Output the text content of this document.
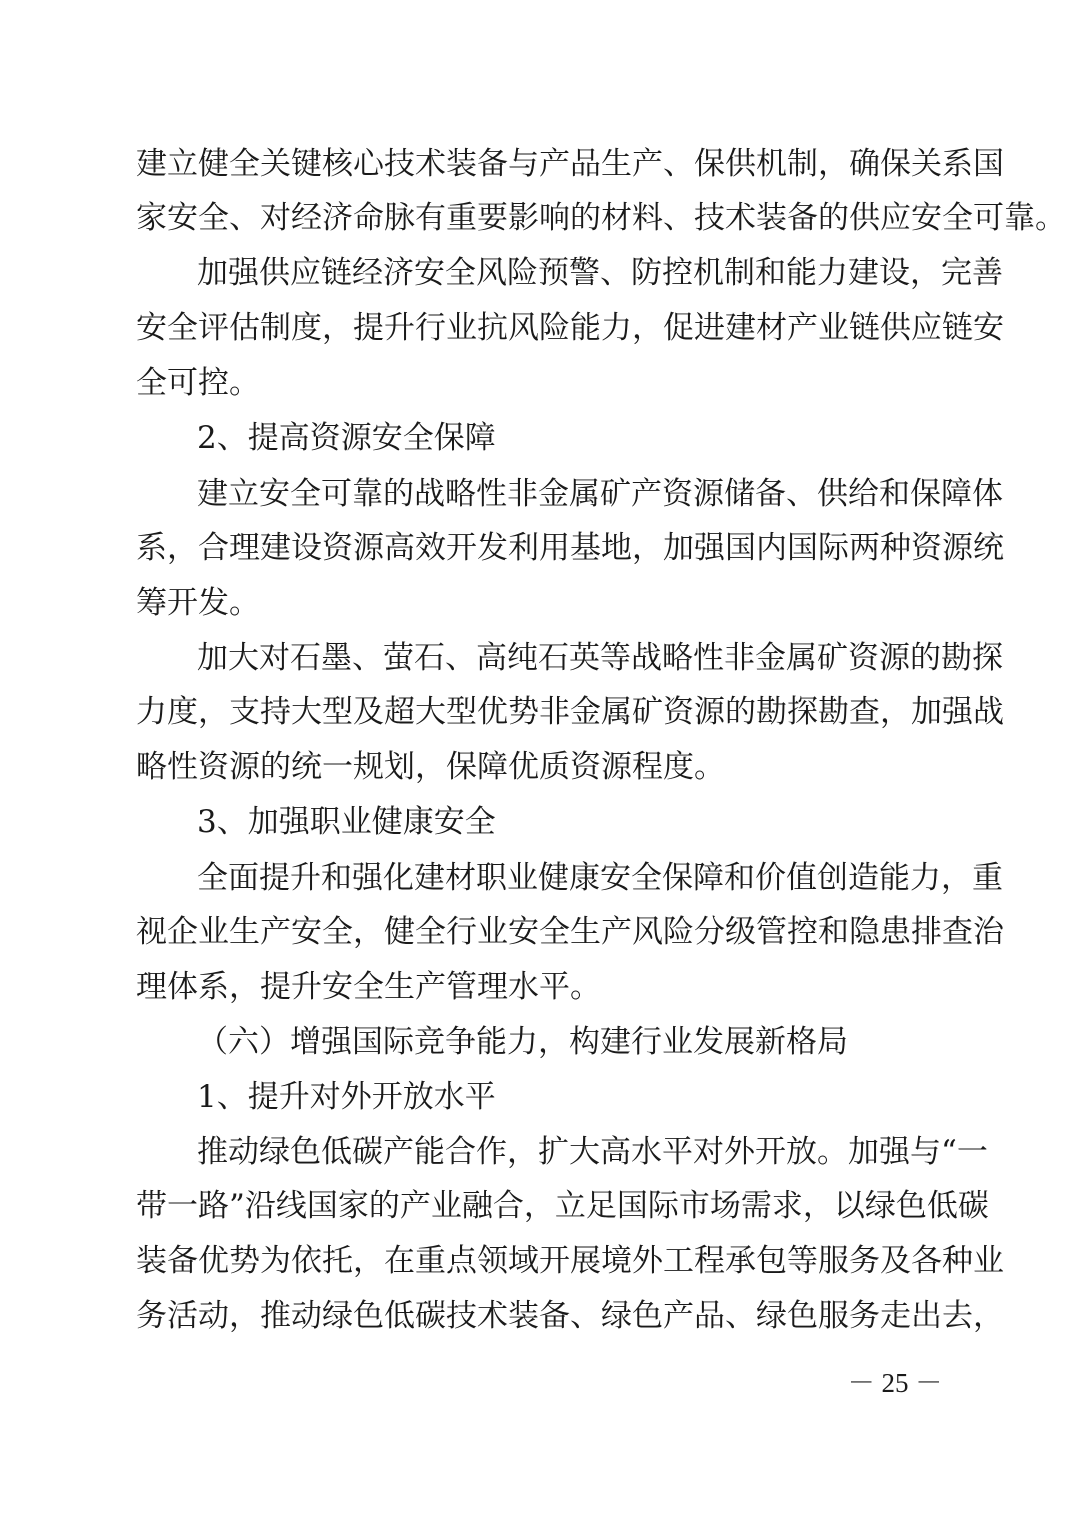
建立健全关键核心技术装备与产品生产、保供机制，确保关系国
家安全、对经济命脉有重要影响的材料、技术装备的供应安全可靠。
加强供应链经济安全风险预警、防控机制和能力建设，完善
安全评估制度，提升行业抗风险能力，促进建材产业链供应链安
全可控。
2、提高资源安全保障
建立安全可靠的战略性非金属矿产资源储备、供给和保障体
系，合理建设资源高效开发利用基地，加强国内国际两种资源统
筹开发。
加大对石墨、萤石、高纯石英等战略性非金属矿资源的勘探
力度，支持大型及超大型优势非金属矿资源的勘探勘查，加强战
略性资源的统一规划，保障优质资源程度。
3、加强职业健康安全
全面提升和强化建材职业健康安全保障和价值创造能力，重
视企业生产安全，健全行业安全生产风险分级管控和隐患排查治
理体系，提升安全生产管理水平。
（六）增强国际竞争能力，构建行业发展新格局
1、提升对外开放水平
推动绿色低碳产能合作，扩大高水平对外开放。加强与“一
带一路”沿线国家的产业融合，立足国际市场需求，以绿色低碳
装备优势为依托，在重点领域开展境外工程承包等服务及各种业
务活动，推动绿色低碳技术装备、绿色产品、绿色服务走出去，
－ 25 －
